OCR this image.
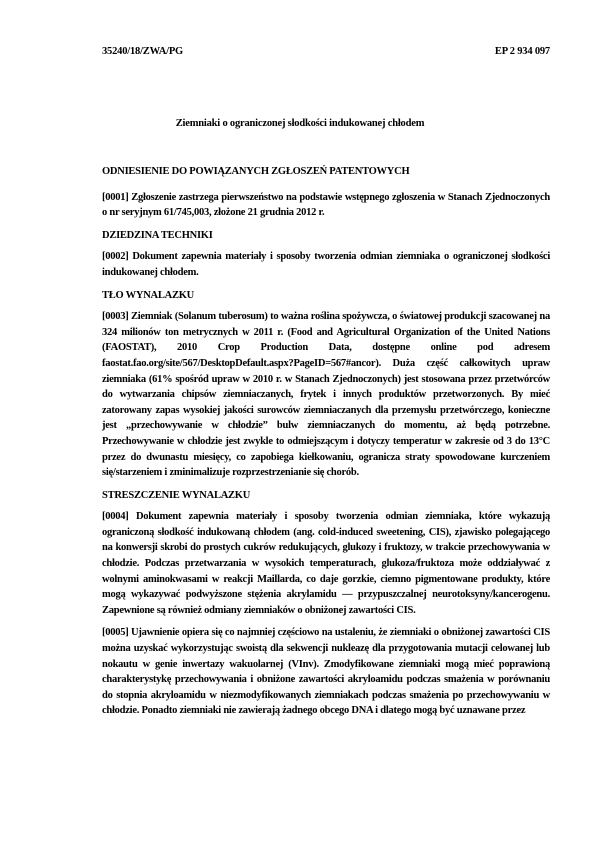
35240/18/ZWA/PG	EP 2 934 097
Ziemniaki o ograniczonej słodkości indukowanej chłodem
ODNIESIENIE DO POWIĄZANYCH ZGŁOSZEŃ PATENTOWYCH

[0001] Zgłoszenie zastrzega pierwszeństwo na podstawie wstępnego zgłoszenia w Stanach Zjednoczonych o nr seryjnym 61/745,003, złożone 21 grudnia 2012 r.

DZIEDZINA TECHNIKI

[0002] Dokument zapewnia materiały i sposoby tworzenia odmian ziemniaka o ograniczonej słodkości indukowanej chłodem.

TŁO WYNALAZKU

[0003] Ziemniak (Solanum tuberosum) to ważna roślina spożywcza, o światowej produkcji szacowanej na 324 milionów ton metrycznych w 2011 r. (Food and Agricultural Organization of the United Nations (FAOSTAT), 2010 Crop Production Data, dostępne online pod adresem faostat.fao.org/site/567/DesktopDefault.aspx?PageID=567#ancor). Duża część całkowitych upraw ziemniaka (61% spośród upraw w 2010 r. w Stanach Zjednoczonych) jest stosowana przez przetwórców do wytwarzania chipsów ziemniaczanych, frytek i innych produktów przetworzonych. By mieć zatorowany zapas wysokiej jakości surowców ziemniaczanych dla przemysłu przetwórczego, konieczne jest „przechowywanie w chłodzie” bulw ziemniaczanych do momentu, aż będą potrzebne. Przechowywanie w chłodzie jest zwykle to odmiejszącym i dotyczy temperatur w zakresie od 3 do 13°C przez do dwunastu miesięcy, co zapobiega kiełkowaniu, ogranicza straty spowodowane kurczeniem się/starzeniem i zminimalizuje rozprzestrzenianie się chorób.

STRESZCZENIE WYNALAZKU

[0004] Dokument zapewnia materiały i sposoby tworzenia odmian ziemniaka, które wykazują ograniczoną słodkość indukowaną chłodem (ang. cold-induced sweetening, CIS), zjawisko polegającego na konwersji skrobi do prostych cukrów redukujących, glukozy i fruktozy, w trakcie przechowywania w chłodzie. Podczas przetwarzania w wysokich temperaturach, glukoza/fruktoza może oddziaływać z wolnymi aminokwasami w reakcji Maillarda, co daje gorzkie, ciemno pigmentowane produkty, które mogą wykazywać podwyższone stężenia akrylamidu — przypuszczalnej neurotoksyny/kancerogenu. Zapewnione są również odmiany ziemniaków o obniżonej zawartości CIS.

[0005] Ujawnienie opiera się co najmniej częściowo na ustaleniu, że ziemniaki o obniżonej zawartości CIS można uzyskać wykorzystując swoistą dla sekwencji nukleazę dla przygotowania mutacji celowanej lub nokautu w genie inwertazy wakuolarnej (VInv). Zmodyfikowane ziemniaki mogą mieć poprawioną charakterystykę przechowywania i obniżone zawartości akryloamidu podczas smażenia w porównaniu do stopnia akryloamidu w niezmodyfikowanych ziemniakach podczas smażenia po przechowywaniu w chłodzie. Ponadto ziemniaki nie zawierają żadnego obcego DNA i dlatego mogą być uznawane przez
